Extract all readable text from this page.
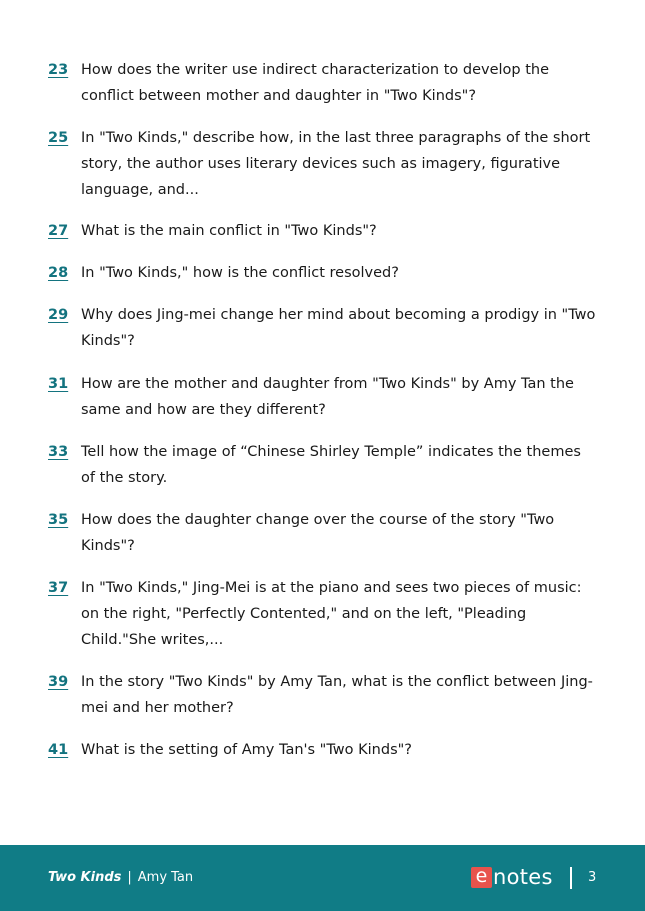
23 How does the writer use indirect characterization to develop the conflict between mother and daughter in "Two Kinds"?
25 In "Two Kinds," describe how, in the last three paragraphs of the short story, the author uses literary devices such as imagery, figurative language, and...
27 What is the main conflict in "Two Kinds"?
28 In "Two Kinds," how is the conflict resolved?
29 Why does Jing-mei change her mind about becoming a prodigy in "Two Kinds"?
31 How are the mother and daughter from "Two Kinds" by Amy Tan the same and how are they different?
33 Tell how the image of “Chinese Shirley Temple” indicates the themes of the story.
35 How does the daughter change over the course of the story "Two Kinds"?
37 In "Two Kinds," Jing-Mei is at the piano and sees two pieces of music: on the right, "Perfectly Contented," and on the left, "Pleading Child."She writes,...
39 In the story "Two Kinds" by Amy Tan, what is the conflict between Jing-mei and her mother?
41 What is the setting of Amy Tan's "Two Kinds"?
Two Kinds | Amy Tan	e notes	3
